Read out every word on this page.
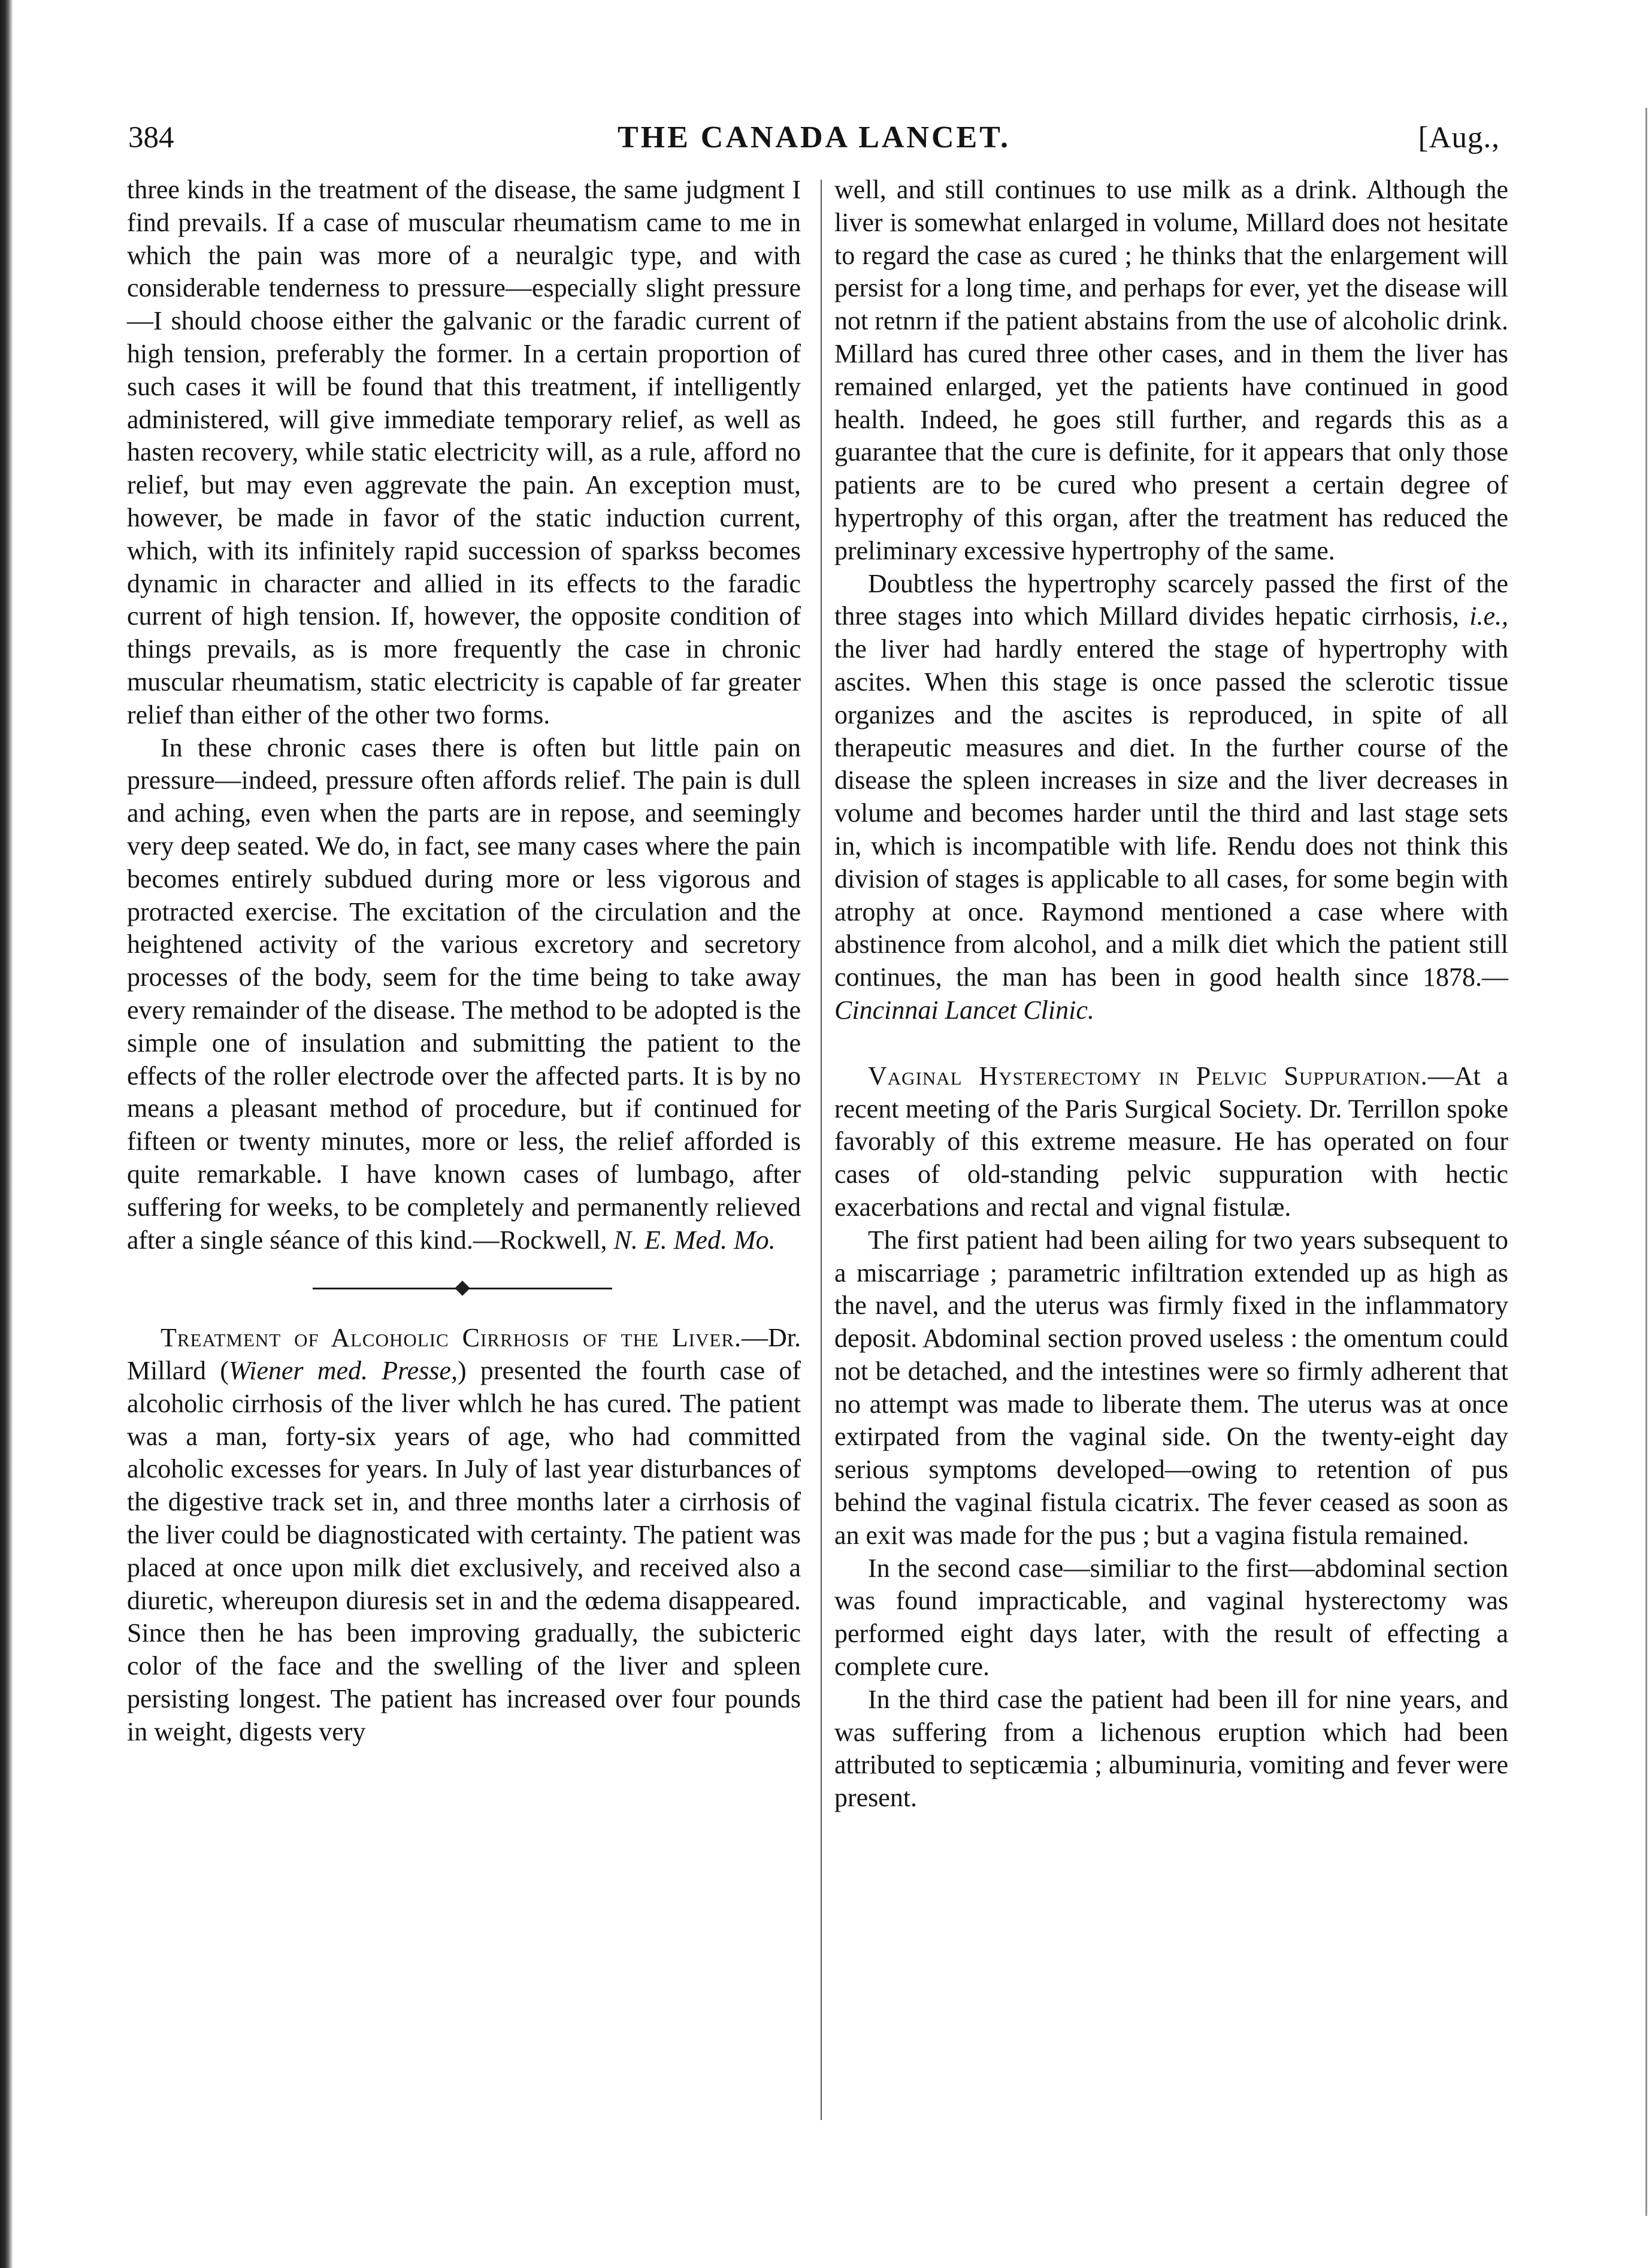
384	THE CANADA LANCET.	[Aug.,

three kinds in the treatment of the disease, the same judgment I find prevails. If a case of muscular rheumatism came to me in which the pain was more of a neuralgic type, and with considerable tenderness to pressure—especially slight pressure—I should choose either the galvanic or the faradic current of high tension, preferably the former. In a certain proportion of such cases it will be found that this treatment, if intelligently administered, will give immediate temporary relief, as well as hasten recovery, while static electricity will, as a rule, afford no relief, but may even aggrevate the pain. An exception must, however, be made in favor of the static induction current, which, with its infinitely rapid succession of sparkss becomes dynamic in character and allied in its effects to the faradic current of high tension. If, however, the opposite condition of things prevails, as is more frequently the case in chronic muscular rheumatism, static electricity is capable of far greater relief than either of the other two forms.

In these chronic cases there is often but little pain on pressure—indeed, pressure often affords relief. The pain is dull and aching, even when the parts are in repose, and seemingly very deep seated. We do, in fact, see many cases where the pain becomes entirely subdued during more or less vigorous and protracted exercise. The excitation of the circulation and the heightened activity of the various excretory and secretory processes of the body, seem for the time being to take away every remainder of the disease. The method to be adopted is the simple one of insulation and submitting the patient to the effects of the roller electrode over the affected parts. It is by no means a pleasant method of procedure, but if continued for fifteen or twenty minutes, more or less, the relief afforded is quite remarkable. I have known cases of lumbago, after suffering for weeks, to be completely and permanently relieved after a single séance of this kind.—Rockwell, N. E. Med. Mo.

Treatment of Alcoholic Cirrhosis of the Liver.—Dr. Millard (Wiener med. Presse,) presented the fourth case of alcoholic cirrhosis of the liver whlch he has cured. The patient was a man, forty-six years of age, who had committed alcoholic excesses for years. In July of last year disturbances of the digestive track set in, and three months later a cirrhosis of the liver could be diagnosticated with certainty. The patient was placed at once upon milk diet exclusively, and received also a diuretic, whereupon diuresis set in and the œdema disappeared. Since then he has been improving gradually, the subicteric color of the face and the swelling of the liver and spleen persisting longest. The patient has increased over four pounds in weight, digests very

well, and still continues to use milk as a drink. Although the liver is somewhat enlarged in volume, Millard does not hesitate to regard the case as cured ; he thinks that the enlargement will persist for a long time, and perhaps for ever, yet the disease will not retnrn if the patient abstains from the use of alcoholic drink. Millard has cured three other cases, and in them the liver has remained enlarged, yet the patients have continued in good health. Indeed, he goes still further, and regards this as a guarantee that the cure is definite, for it appears that only those patients are to be cured who present a certain degree of hypertrophy of this organ, after the treatment has reduced the preliminary excessive hypertrophy of the same.

Doubtless the hypertrophy scarcely passed the first of the three stages into which Millard divides hepatic cirrhosis, i.e., the liver had hardly entered the stage of hypertrophy with ascites. When this stage is once passed the sclerotic tissue organizes and the ascites is reproduced, in spite of all therapeutic measures and diet. In the further course of the disease the spleen increases in size and the liver decreases in volume and becomes harder until the third and last stage sets in, which is incompatible with life. Rendu does not think this division of stages is applicable to all cases, for some begin with atrophy at once. Raymond mentioned a case where with abstinence from alcohol, and a milk diet which the patient still continues, the man has been in good health since 1878.—Cincinnai Lancet Clinic.

Vaginal Hysterectomy in Pelvic Suppuration.—At a recent meeting of the Paris Surgical Society. Dr. Terrillon spoke favorably of this extreme measure. He has operated on four cases of old-standing pelvic suppuration with hectic exacerbations and rectal and vignal fistulæ.

The first patient had been ailing for two years subsequent to a miscarriage ; parametric infiltration extended up as high as the navel, and the uterus was firmly fixed in the inflammatory deposit. Abdominal section proved useless : the omentum could not be detached, and the intestines were so firmly adherent that no attempt was made to liberate them. The uterus was at once extirpated from the vaginal side. On the twenty-eight day serious symptoms developed—owing to retention of pus behind the vaginal fistula cicatrix. The fever ceased as soon as an exit was made for the pus ; but a vagina fistula remained.

In the second case—similiar to the first—abdominal section was found impracticable, and vaginal hysterectomy was performed eight days later, with the result of effecting a complete cure.

In the third case the patient had been ill for nine years, and was suffering from a lichenous eruption which had been attributed to septicæmia ; albuminuria, vomiting and fever were present.
